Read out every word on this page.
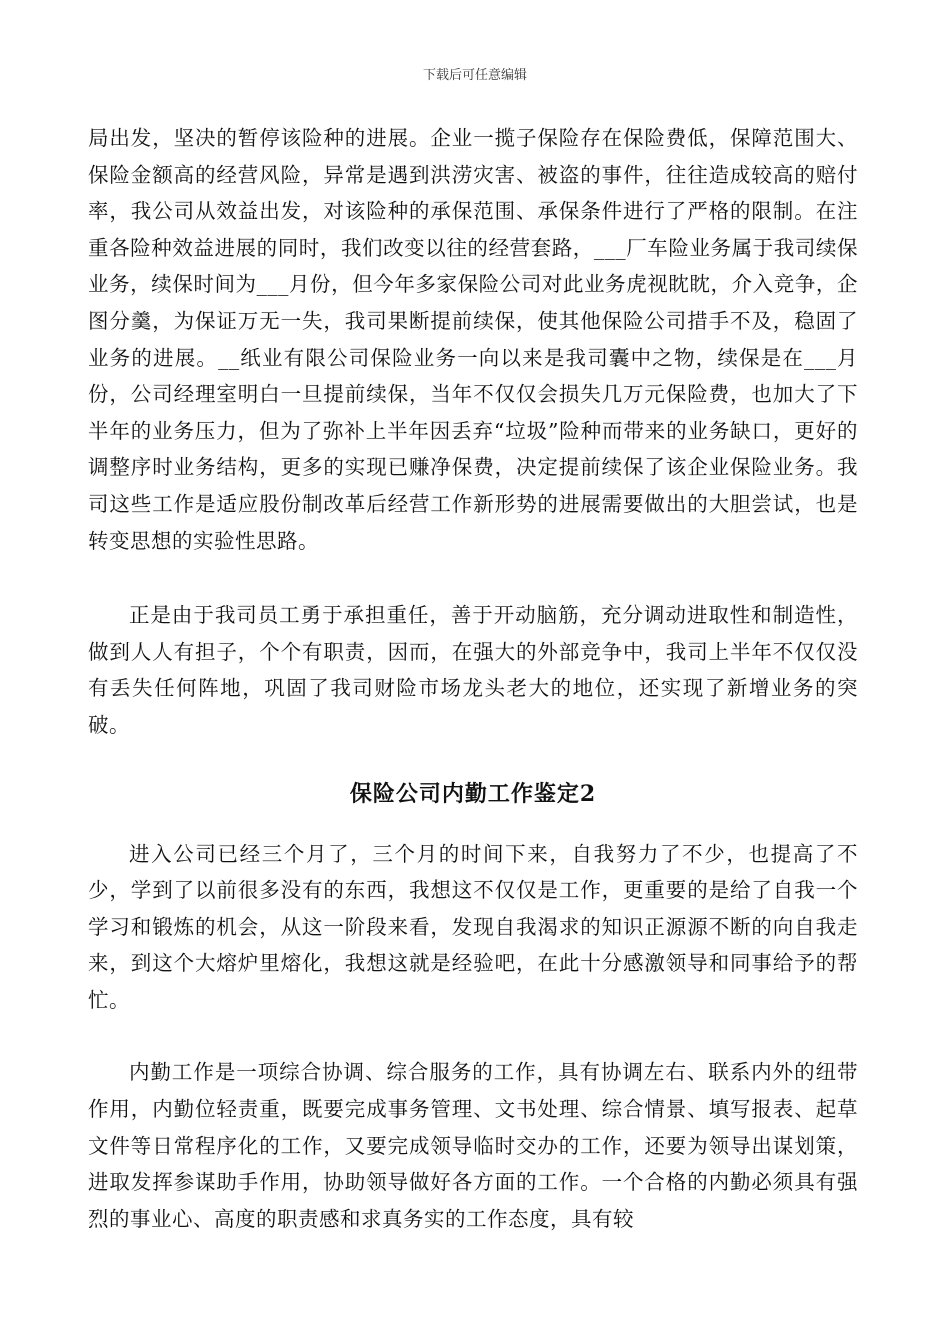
下载后可任意编辑

局出发，坚决的暂停该险种的进展。企业一揽子保险存在保险费低，保障范围大、保险金额高的经营风险，异常是遇到洪涝灾害、被盗的事件，往往造成较高的赔付率，我公司从效益出发，对该险种的承保范围、承保条件进行了严格的限制。在注重各险种效益进展的同时，我们改变以往的经营套路，___厂车险业务属于我司续保业务，续保时间为___月份，但今年多家保险公司对此业务虎视眈眈，介入竞争，企图分羹，为保证万无一失，我司果断提前续保，使其他保险公司措手不及，稳固了业务的进展。__纸业有限公司保险业务一向以来是我司囊中之物，续保是在___月份，公司经理室明白一旦提前续保，当年不仅仅会损失几万元保险费，也加大了下半年的业务压力，但为了弥补上半年因丢弃“垃圾”险种而带来的业务缺口，更好的调整序时业务结构，更多的实现已赚净保费，决定提前续保了该企业保险业务。我司这些工作是适应股份制改革后经营工作新形势的进展需要做出的大胆尝试，也是转变思想的实验性思路。

正是由于我司员工勇于承担重任，善于开动脑筋，充分调动进取性和制造性，做到人人有担子，个个有职责，因而，在强大的外部竞争中，我司上半年不仅仅没有丢失任何阵地，巩固了我司财险市场龙头老大的地位，还实现了新增业务的突破。

保险公司内勤工作鉴定2

进入公司已经三个月了，三个月的时间下来，自我努力了不少，也提高了不少，学到了以前很多没有的东西，我想这不仅仅是工作，更重要的是给了自我一个学习和锻炼的机会，从这一阶段来看，发现自我渴求的知识正源源不断的向自我走来，到这个大熔炉里熔化，我想这就是经验吧，在此十分感激领导和同事给予的帮忙。

内勤工作是一项综合协调、综合服务的工作，具有协调左右、联系内外的纽带作用，内勤位轻责重，既要完成事务管理、文书处理、综合情景、填写报表、起草文件等日常程序化的工作，又要完成领导临时交办的工作，还要为领导出谋划策，进取发挥参谋助手作用，协助领导做好各方面的工作。一个合格的内勤必须具有强烈的事业心、高度的职责感和求真务实的工作态度，具有较
